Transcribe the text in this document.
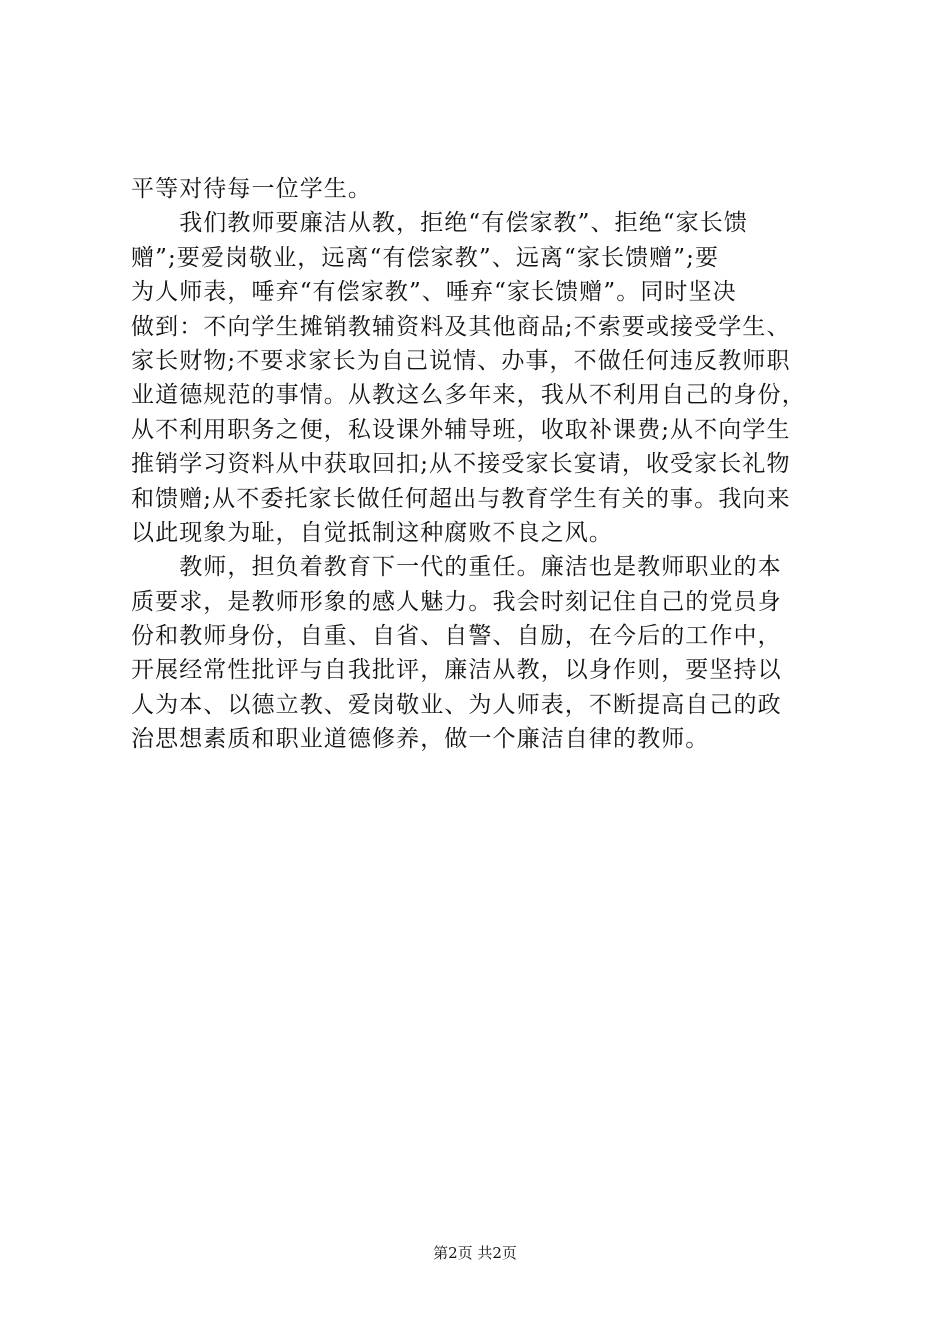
平等对待每一位学生。
　　我们教师要廉洁从教，拒绝“有偿家教”、拒绝“家长馈
赠”;要爱岗敬业，远离“有偿家教”、远离“家长馈赠”;要
为人师表，唾弃“有偿家教”、唾弃“家长馈赠”。同时坚决
做到：不向学生摊销教辅资料及其他商品;不索要或接受学生、
家长财物;不要求家长为自己说情、办事，不做任何违反教师职
业道德规范的事情。从教这么多年来，我从不利用自己的身份，
从不利用职务之便，私设课外辅导班，收取补课费;从不向学生
推销学习资料从中获取回扣;从不接受家长宴请，收受家长礼物
和馈赠;从不委托家长做任何超出与教育学生有关的事。我向来
以此现象为耻，自觉抵制这种腐败不良之风。
　　教师，担负着教育下一代的重任。廉洁也是教师职业的本
质要求，是教师形象的感人魅力。我会时刻记住自己的党员身
份和教师身份，自重、自省、自警、自励，在今后的工作中，
开展经常性批评与自我批评，廉洁从教，以身作则，要坚持以
人为本、以德立教、爱岗敬业、为人师表，不断提高自己的政
治思想素质和职业道德修养，做一个廉洁自律的教师。
第2页 共2页
